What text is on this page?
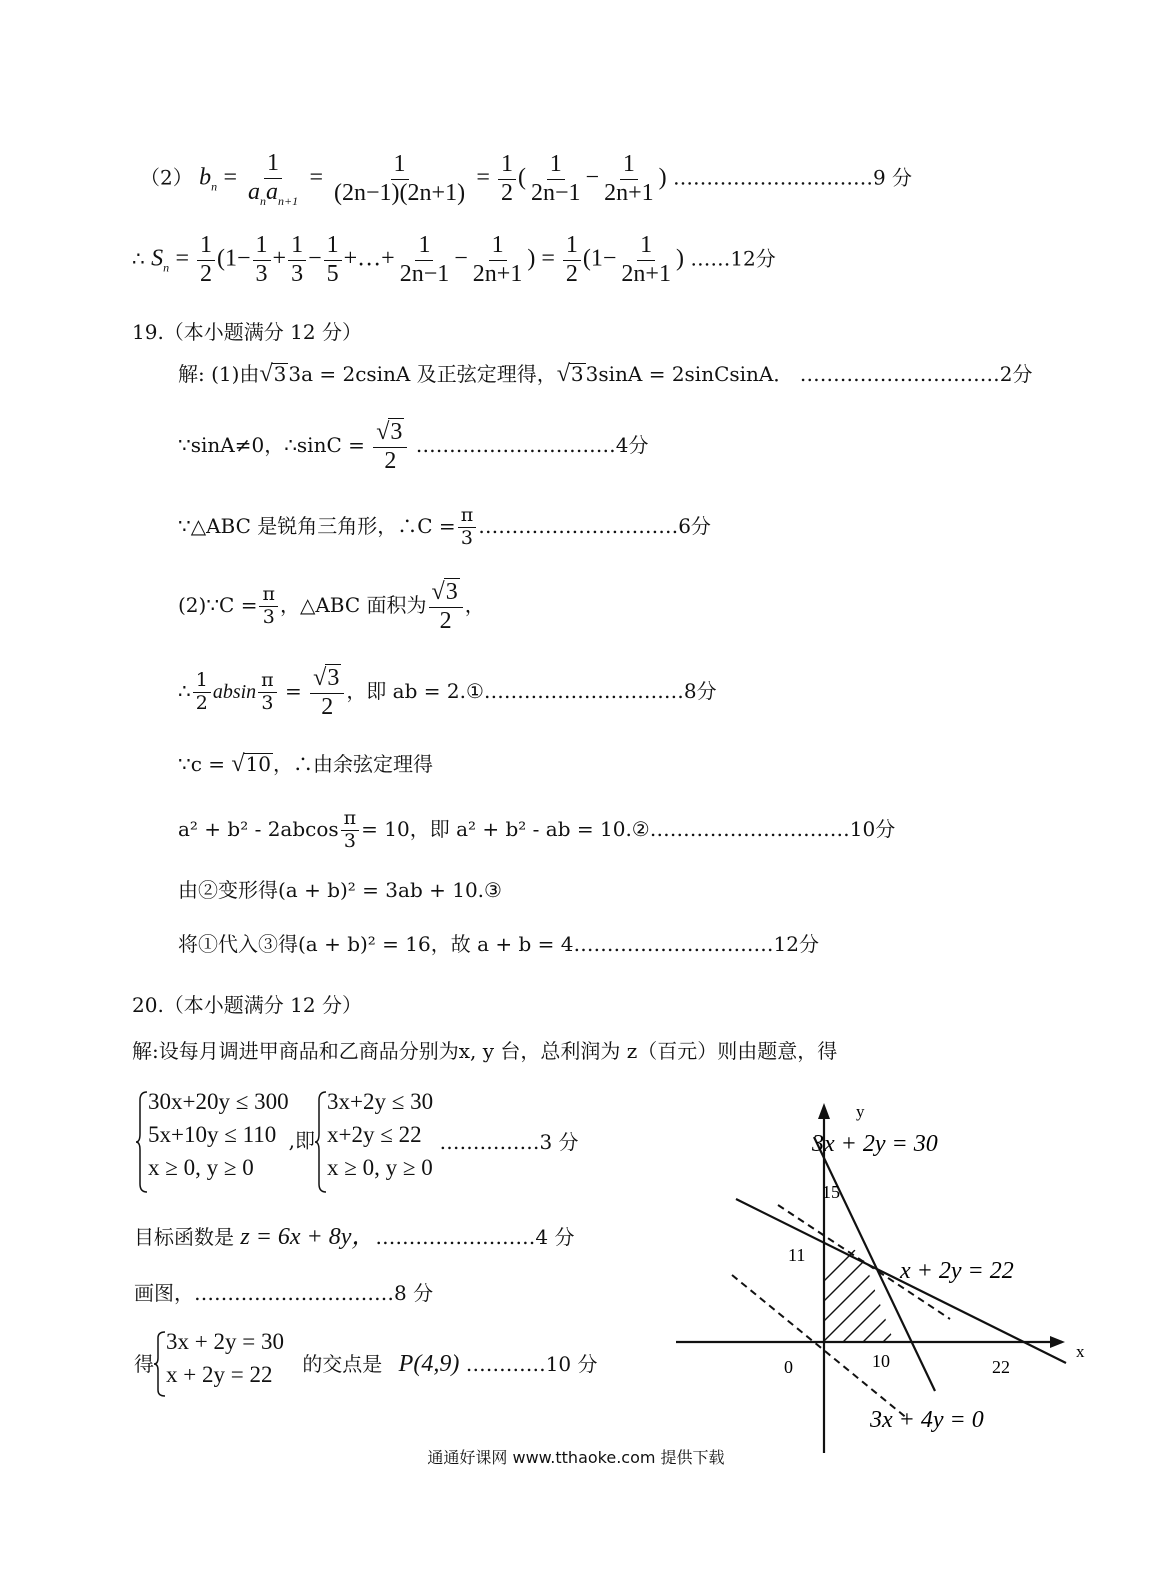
（2） $b_n = \frac{1}{a_na_{n+1}} = \frac{1}{(2n-1)(2n+1)} = \frac{1}{2}$ ( $\frac{1}{2n-1} - \frac{1}{2n+1}$ ) …………………………9 分
∴ $S_n = \frac{1}{2} (1- \frac{1}{3} + \frac{1}{3} - \frac{1}{5}$ +…+ $\frac{1}{2n-1} - \frac{1}{2n+1}$ ) = $\frac{1}{2} (1- \frac{1}{2n+1}$ ) ……12分
19.（本小题满分 12 分）
解: (1)由√3 3a = 2csinA 及正弦定理得，√3 3sinA = 2sinCsinA． …………………………2分
∵sinA≠0，∴sinC = $\frac{√3}{2}$ …………………………4分
∵△ABC 是锐角三角形，∴C = $\frac{\pi}{3}$ …………………………6分
(2)∵C = $\frac{\pi}{3}$ ，△ABC 面积为 $\frac{√3}{2}$ ，
∴ $\frac{1}{2}$ absin $\frac{\pi}{3} = \frac{√3}{2}$ ，即 ab = 2.①…………………………8分
∵c = √10 ，∴由余弦定理得
$a^2 + b^2 - 2abcos \frac{\pi}{3} = 10$，即 a² + b² - ab = 10.②…………………………10分
由②变形得(a + b)² = 3ab + 10.③
将①代入③得(a + b)² = 16，故 a + b = 4…………………………12分
20.（本小题满分 12 分）
解:设每月调进甲商品和乙商品分别为x, y 台，总利润为 z（百元）则由题意，得
30x+20y ≤ 300
5x+10y ≤ 110
x ≥ 0, y ≥ 0
,即
3x+2y ≤ 30
x+2y ≤ 22
x ≥ 0, y ≥ 0
……………3 分
目标函数是 z = 6x + 8y，……………………4 分
画图，…………………………8 分
得
3x + 2y = 30
x + 2y = 22	的交点是 P(4,9) …………10 分
y
x
0	10	22
11
15
3x + 2y = 30
x + 2y = 22
3x + 4y = 0
通通好课网 www.tthaoke.com 提供下载
